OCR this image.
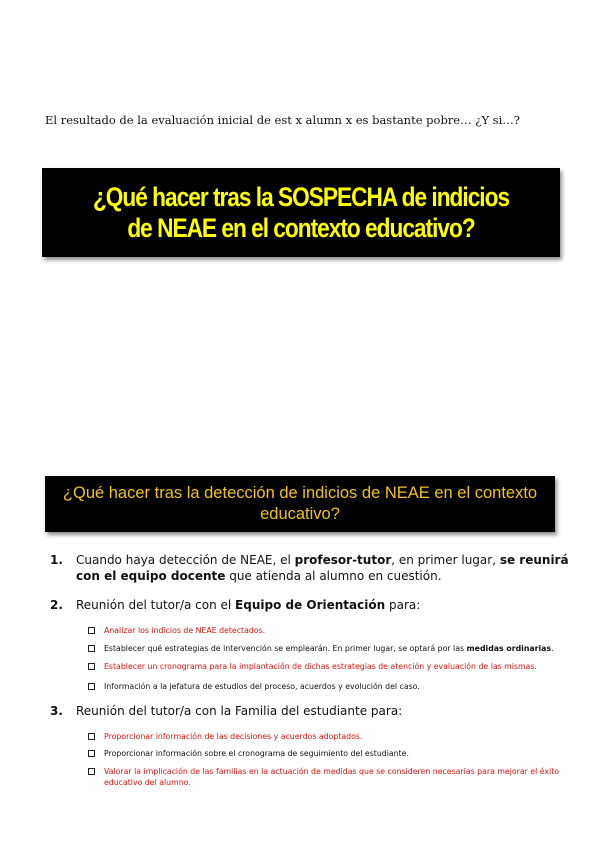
El resultado de la evaluación inicial de est x alumn x es bastante pobre… ¿Y si…?
¿Qué hacer tras la SOSPECHA de indicios de NEAE en el contexto educativo?
¿Qué hacer tras la detección de indicios de NEAE en el contexto educativo?
1. Cuando haya detección de NEAE, el profesor-tutor, en primer lugar, se reunirá con el equipo docente que atienda al alumno en cuestión.
2. Reunión del tutor/a con el Equipo de Orientación para:
Analizar los indicios de NEAE detectados.
Establecer qué estrategias de intervención se emplearán. En primer lugar, se optará por las medidas ordinarias.
Establecer un cronograma para la implantación de dichas estrategias de atención y evaluación de las mismas.
Información a la jefatura de estudios del proceso, acuerdos y evolución del caso.
3. Reunión del tutor/a con la Familia del estudiante para:
Proporcionar información de las decisiones y acuerdos adoptados.
Proporcionar información sobre el cronograma de seguimiento del estudiante.
Valorar la implicación de las familias en la actuación de medidas que se consideren necesarias para mejorar el éxito educativo del alumno.
